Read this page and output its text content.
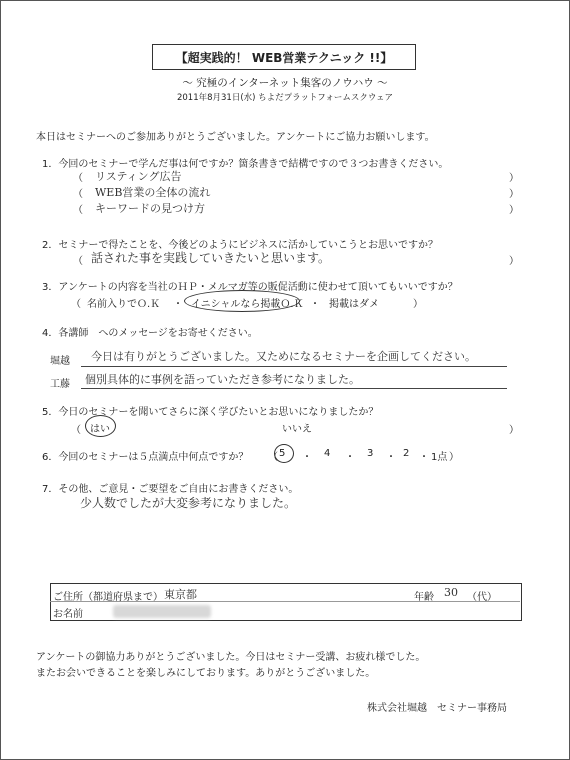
【超実践的！ WEB営業テクニック !!】
～ 究極のインターネット集客のノウハウ ～
2011年8月31日(水) ちよだプラットフォームスクウェア
本日はセミナーへのご参加ありがとうございました。アンケートにご協力お願いします。
1．今回のセミナーで学んだ事は何ですか？箇条書きで結構ですので３つお書きください。
（ リスティング広告	）
（ WEB営業の全体の流れ	）
（ キーワードの見つけ方	）
2．セミナーで得たことを、今後どのようにビジネスに活かしていこうとお思いですか？
（ 話された事を実践していきたいと思います。	）
3．アンケートの内容を当社のＨＰ・メルマガ等の販促活動に使わせて頂いてもいいですか？
（ 名前入りでＯ.Ｋ ・ イニシャルなら掲載Ｏ.Ｋ ・ 掲載はダメ	）
4．各講師　へのメッセージをお寄せください。
堀越 今日は有りがとうございました。又ためになるセミナーを企画してください。
工藤 個別具体的に事例を語っていただき参考になりました。
5．今日のセミナーを聞いてさらに深く学びたいとお思いになりましたか？
（ はい	いいえ	）
6．今回のセミナーは５点満点中何点ですか？ （ 5 ・ 4 ・ 3 ・ 2 ・ 1点 ）
7．その他、ご意見・ご要望をご自由にお書きください。
少人数でしたが大変参考になりました。
ご住所（都道府県まで） 東京都	年齢 30 （代）
お名前
アンケートの御協力ありがとうございました。今日はセミナー受講、お疲れ様でした。
またお会いできることを楽しみにしております。ありがとうございました。
株式会社堀越　セミナー事務局
